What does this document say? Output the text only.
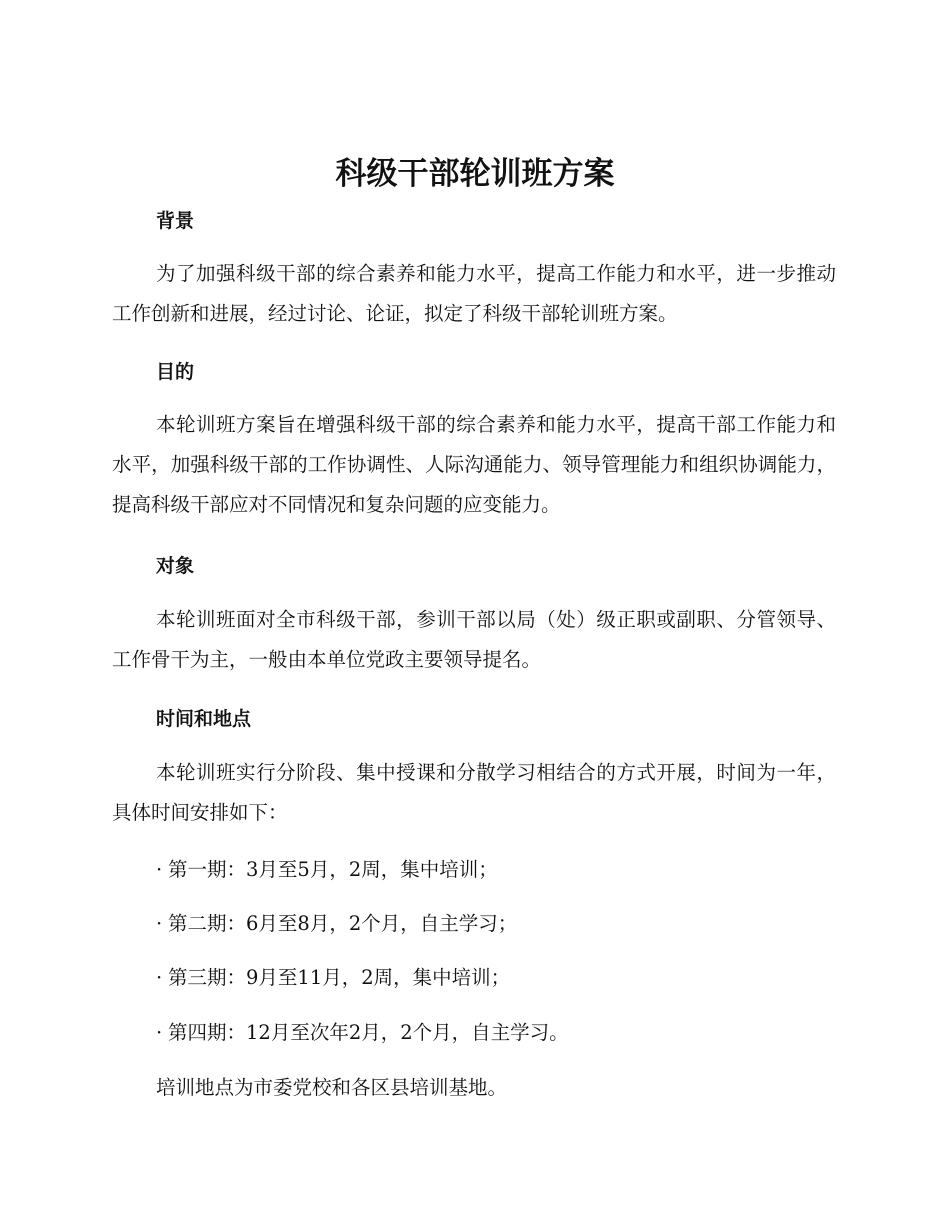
科级干部轮训班方案
背景

为了加强科级干部的综合素养和能力水平，提高工作能力和水平，进一步推动工作创新和进展，经过讨论、论证，拟定了科级干部轮训班方案。

目的

本轮训班方案旨在增强科级干部的综合素养和能力水平，提高干部工作能力和水平，加强科级干部的工作协调性、人际沟通能力、领导管理能力和组织协调能力，提高科级干部应对不同情况和复杂问题的应变能力。

对象

本轮训班面对全市科级干部，参训干部以局（处）级正职或副职、分管领导、工作骨干为主，一般由本单位党政主要领导提名。

时间和地点

本轮训班实行分阶段、集中授课和分散学习相结合的方式开展，时间为一年，具体时间安排如下：

· 第一期：3月至5月，2周，集中培训；

· 第二期：6月至8月，2个月，自主学习；

· 第三期：9月至11月，2周，集中培训；

· 第四期：12月至次年2月，2个月，自主学习。

培训地点为市委党校和各区县培训基地。
